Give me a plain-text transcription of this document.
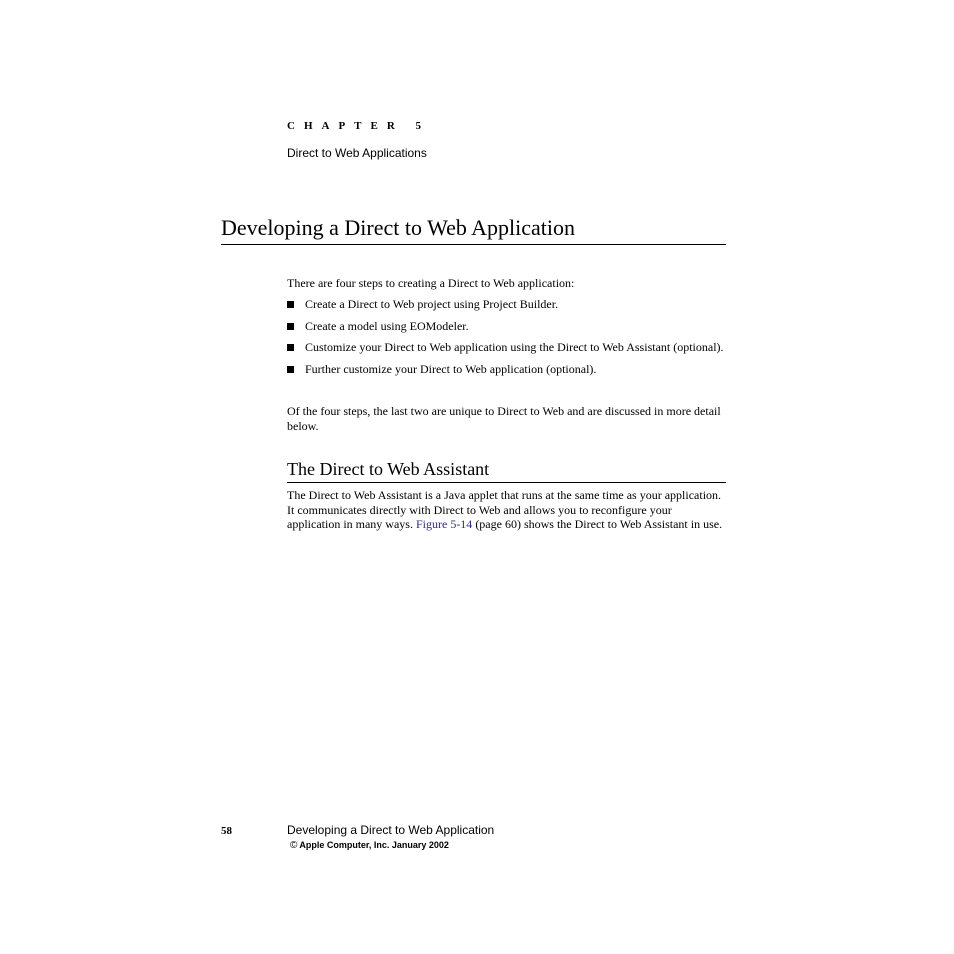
CHAPTER 5
Direct to Web Applications
Developing a Direct to Web Application
There are four steps to creating a Direct to Web application:
Create a Direct to Web project using Project Builder.
Create a model using EOModeler.
Customize your Direct to Web application using the Direct to Web Assistant (optional).
Further customize your Direct to Web application (optional).
Of the four steps, the last two are unique to Direct to Web and are discussed in more detail below.
The Direct to Web Assistant
The Direct to Web Assistant is a Java applet that runs at the same time as your application. It communicates directly with Direct to Web and allows you to reconfigure your application in many ways. Figure 5-14 (page 60) shows the Direct to Web Assistant in use.
58	Developing a Direct to Web Application
© Apple Computer, Inc. January 2002
